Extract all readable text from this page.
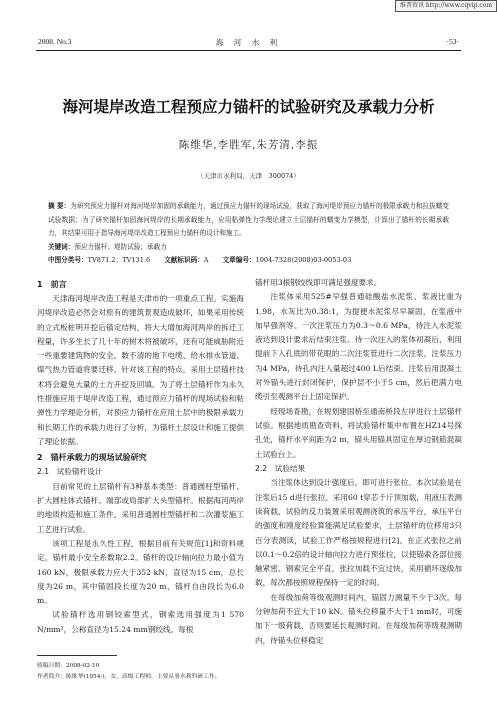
维普资讯 http://www.cqvip.com
2008. No.3	海 河 水 利	·53·
海河堤岸改造工程预应力锚杆的试验研究及承载力分析
陈维华,李胜军,朱芳清,李振
（天津市水利局，天津　300074）
摘 要：为研究预应力锚杆对海河堤岸加固的承载能力，通过预应力锚杆的现场试验，获取了海河堤岸预应力锚杆的极限承载力和拉拔蠕变试验数据；为了研究锚杆加固海河堤岸的长期承载能力，应用粘弹性力学理论建立土层锚杆的蠕变力学模型，计算出了锚杆的长期承载力，其结果可用于指导海河堤岸改造工程预应力锚杆的设计和施工。
关键词：预应力锚杆；堤防试验；承载力
中图分类号：TV871.2；TV131.6 文献标识码：A 文章编号：1004-7328(2008)03-0053-03
1　前言

天津海河堤岸改造工程是天津市的一项重点工程。实施海河堤岸改造必然会对原有的建筑景观造成破坏，如果采用传统的立式板桩明开挖后锚定结构，将大大增加海河两岸的拆迁工程量，许多生长了几十年的树木将被破坏，还有可能威胁附近一些重要建筑物的安全，数不清的地下电缆、给水排水管道、煤气热力管道将要迁移。针对该工程的特点，采用土层锚杆技术将会避免大量的土方开挖及回填。为了将土层锚杆作为永久性措施应用于堤岸改造工程，通过预应力锚杆的现场试验和粘弹性力学理论分析，对预应力锚杆在应用土层中的极限承载力和长期工作的承载力进行了分析，为锚杆土层设计和施工提供了理论依据。

2　锚杆承载力的现场试验研究
2.1　试验锚杆设计

目前常见的土层锚杆有3种基本类型：普通圆柱型锚杆、扩大圆柱体式锚杆、端部或局部扩大头型锚杆。根据海河两岸的地质构造和施工条件，采用普通圆柱型锚杆和二次灌浆施工工艺进行试验。

该项工程是永久性工程，根据目前有关规范[1]和资料规定，锚杆最小安全系数取2.2。锚杆的设计轴向拉力最小值为160 kN，极限承载力应大于352 kN，直径为15 cm，总长度为26 m，其中锚固段长度为20 m，锚杆自由段长为6.0 m。

试验锚杆选用钢铰索型式，钢索选用强度为1 570 N/mm²，公称直径为15.24 mm钢绞线。每根

锚杆用3根钢绞线即可满足强度要求。

注浆体采用525#早强普通硅酸盐水泥浆，浆液比重为1.98，水灰比为0.38:1，为提便水泥浆尽早凝固，在浆液中加早强剂等。一次注浆压力为0.3～0.6 MPa，待注入水泥浆液达到设计要求后结束注浆。待一次注入的浆体初凝后，利用提前下入孔底的带花眼的二次注浆管进行二次注浆，注浆压力为4 MPa，待孔内注入量超过400 L后结束。注浆后用混凝土对外锚头进行封闭保护，保护层不小于5 cm，然后把满力电缆引至观测平台上固定保护。

经现场查勘，在规划建国桥至通南桥段左岸进行土层锚杆试验。根据地质勘查资料，将试验锚杆集中布置在HZ14号探孔处，锚杆水平间距为2 m，锚头用锚具固定在厚边钢筋混凝土试验台上。

2.2　试验结果

当注浆体达到设计强度后，即可进行张拉。本次试验是在注浆后15 d进行张拉。采用60 t穿芯千斤顶加载，用液压表测读荷载，试验的反力装置采用观测浇筑的承压平台，承压平台的强度和刚度经验算能满足试验要求，土层锚杆的位移用3只百分表测读，试验工作严格按规程进行[2]。在正式张拉之前以0.1～0.2倍的设计轴向拉力进行预张拉，以使锚索各部位接触紧密、钢索完全平直，张拉加载不宜过快，采用循环逐级加载，每次都按照规程保持一定的时间。

在每级加荷等级观测时间内，锚固力测量不少于3次。每分钟加荷不宜大于10 kN。锚头位移量不大于1 mm时，可施加下一级荷载，否则要延长观测时间。在每级加荷等级观测期内，待锚头位移稳定

收稿日期：2008-02-10
作者简介：陈维华(1954-)，女，高级工程师，主要从事水利科研工作。
